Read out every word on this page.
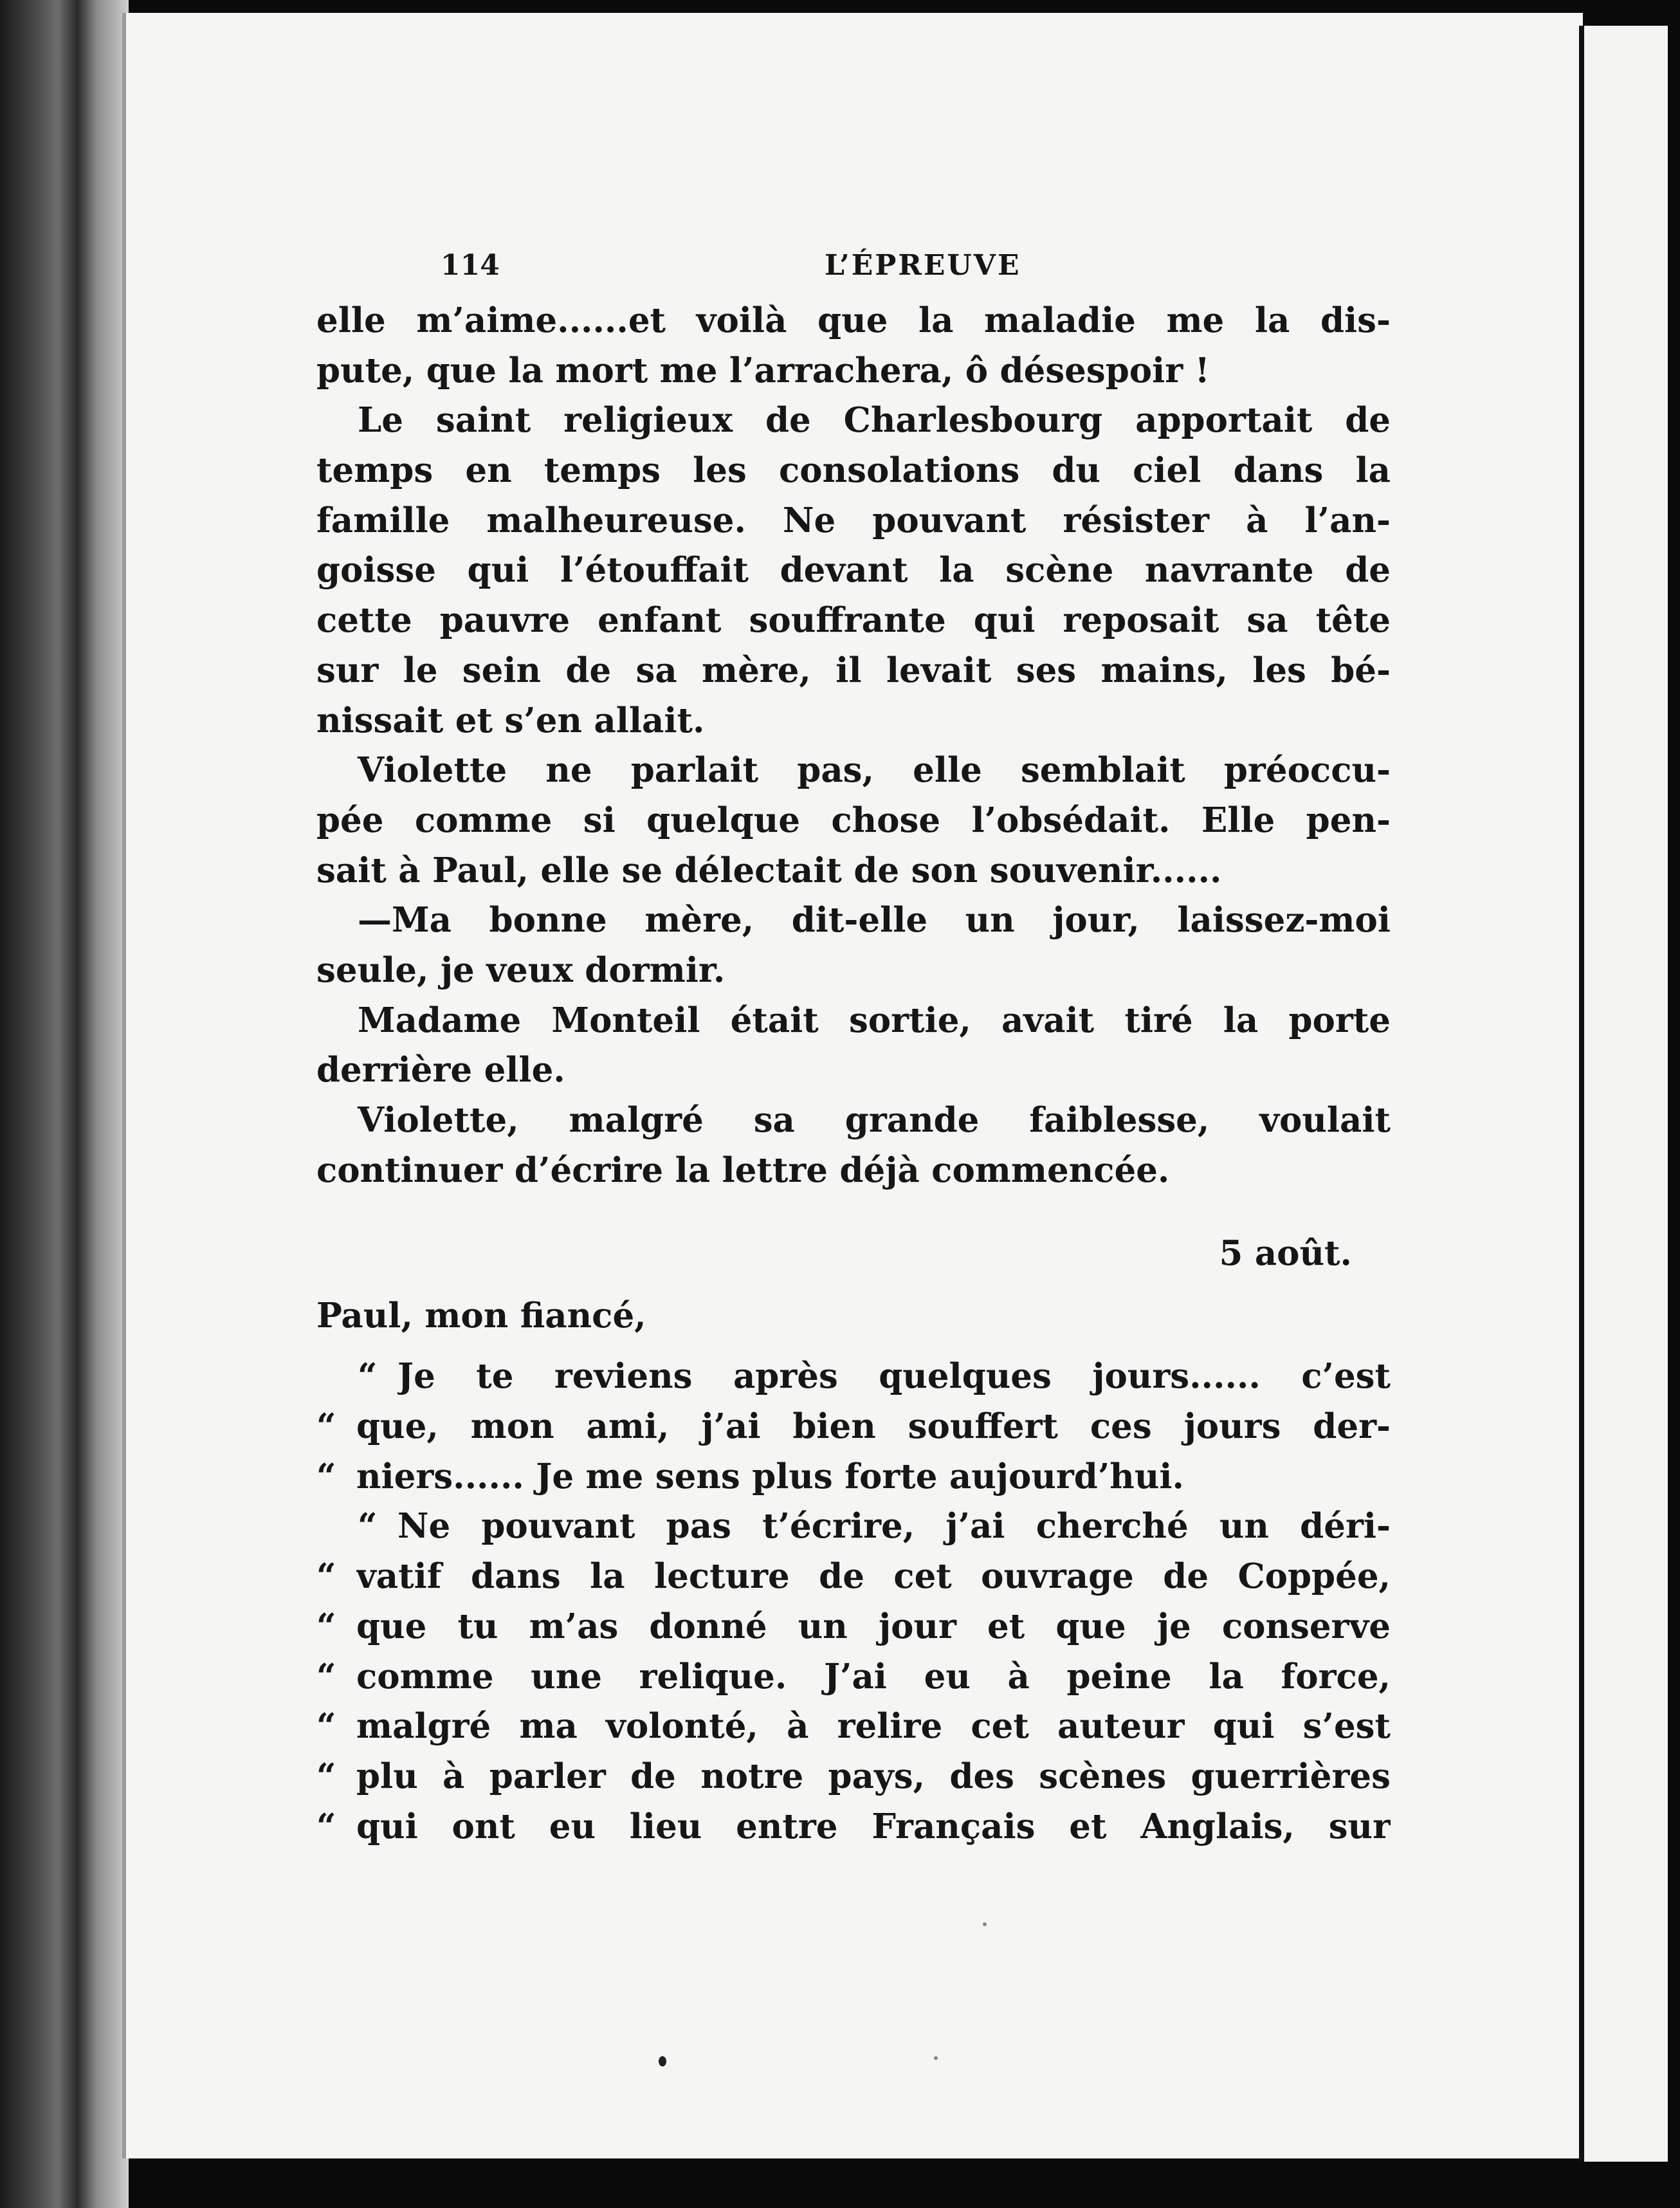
114	L’ÉPREUVE
elle m’aime......et voilà que la maladie me la dis-
pute, que la mort me l’arrachera, ô désespoir !
Le saint religieux de Charlesbourg apportait de
temps en temps les consolations du ciel dans la
famille malheureuse. Ne pouvant résister à l’an-
goisse qui l’étouffait devant la scène navrante de
cette pauvre enfant souffrante qui reposait sa tête
sur le sein de sa mère, il levait ses mains, les bé-
nissait et s’en allait.
Violette ne parlait pas, elle semblait préoccu-
pée comme si quelque chose l’obsédait. Elle pen-
sait à Paul, elle se délectait de son souvenir......
—Ma bonne mère, dit-elle un jour, laissez-moi
seule, je veux dormir.
Madame Monteil était sortie, avait tiré la porte
derrière elle.
Violette, malgré sa grande faiblesse, voulait
continuer d’écrire la lettre déjà commencée.
5 août.
Paul, mon fiancé,
“ Je te reviens après quelques jours...... c’est
“ que, mon ami, j’ai bien souffert ces jours der-
“ niers...... Je me sens plus forte aujourd’hui.
“ Ne pouvant pas t’écrire, j’ai cherché un déri-
“ vatif dans la lecture de cet ouvrage de Coppée,
“ que tu m’as donné un jour et que je conserve
“ comme une relique. J’ai eu à peine la force,
“ malgré ma volonté, à relire cet auteur qui s’est
“ plu à parler de notre pays, des scènes guerrières
“ qui ont eu lieu entre Français et Anglais, sur
